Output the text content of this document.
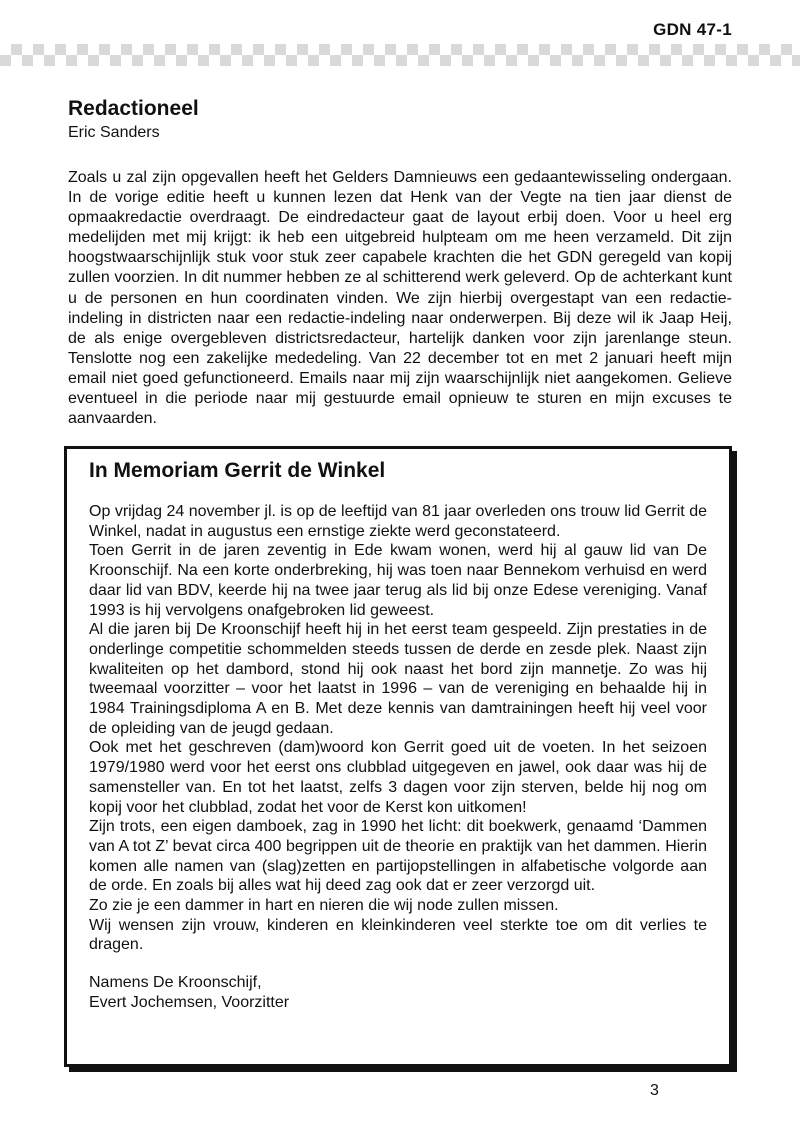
GDN 47-1
Redactioneel
Eric Sanders

Zoals u zal zijn opgevallen heeft het Gelders Damnieuws een gedaantewisseling ondergaan. In de vorige editie heeft u kunnen lezen dat Henk van der Vegte na tien jaar dienst de opmaakredactie overdraagt. De eindredacteur gaat de layout erbij doen. Voor u heel erg medelijden met mij krijgt: ik heb een uitgebreid hulpteam om me heen verzameld. Dit zijn hoogstwaarschijnlijk stuk voor stuk zeer capabele krachten die het GDN geregeld van kopij zullen voorzien. In dit nummer hebben ze al schitterend werk geleverd. Op de achterkant kunt u de personen en hun coordinaten vinden. We zijn hierbij overgestapt van een redactie-indeling in districten naar een redactie-indeling naar onderwerpen. Bij deze wil ik Jaap Heij, de als enige overgebleven districtsredacteur, hartelijk danken voor zijn jarenlange steun. Tenslotte nog een zakelijke mededeling. Van 22 december tot en met 2 januari heeft mijn email niet goed gefunctioneerd. Emails naar mij zijn waarschijnlijk niet aangekomen. Gelieve eventueel in die periode naar mij gestuurde email opnieuw te sturen en mijn excuses te aanvaarden.

In Memoriam Gerrit de Winkel

Op vrijdag 24 november jl. is op de leeftijd van 81 jaar overleden ons trouw lid Gerrit de Winkel, nadat in augustus een ernstige ziekte werd geconstateerd.

Toen Gerrit in de jaren zeventig in Ede kwam wonen, werd hij al gauw lid van De Kroonschijf. Na een korte onderbreking, hij was toen naar Bennekom verhuisd en werd daar lid van BDV, keerde hij na twee jaar terug als lid bij onze Edese vereniging. Vanaf 1993 is hij vervolgens onafgebroken lid geweest.

Al die jaren bij De Kroonschijf heeft hij in het eerst team gespeeld. Zijn prestaties in de onderlinge competitie schommelden steeds tussen de derde en zesde plek. Naast zijn kwaliteiten op het dambord, stond hij ook naast het bord zijn mannetje. Zo was hij tweemaal voorzitter – voor het laatst in 1996 – van de vereniging en behaalde hij in 1984 Trainingsdiploma A en B. Met deze kennis van damtrainingen heeft hij veel voor de opleiding van de jeugd gedaan.

Ook met het geschreven (dam)woord kon Gerrit goed uit de voeten. In het seizoen 1979/1980 werd voor het eerst ons clubblad uitgegeven en jawel, ook daar was hij de samensteller van. En tot het laatst, zelfs 3 dagen voor zijn sterven, belde hij nog om kopij voor het clubblad, zodat het voor de Kerst kon uitkomen!

Zijn trots, een eigen damboek, zag in 1990 het licht: dit boekwerk, genaamd ‘Dammen van A tot Z’ bevat circa 400 begrippen uit de theorie en praktijk van het dammen. Hierin komen alle namen van (slag)zetten en partijopstellingen in alfabetische volgorde aan de orde. En zoals bij alles wat hij deed zag ook dat er zeer verzorgd uit.

Zo zie je een dammer in hart en nieren die wij node zullen missen.

Wij wensen zijn vrouw, kinderen en kleinkinderen veel sterkte toe om dit verlies te dragen.

Namens De Kroonschijf,
Evert Jochemsen, Voorzitter
3
